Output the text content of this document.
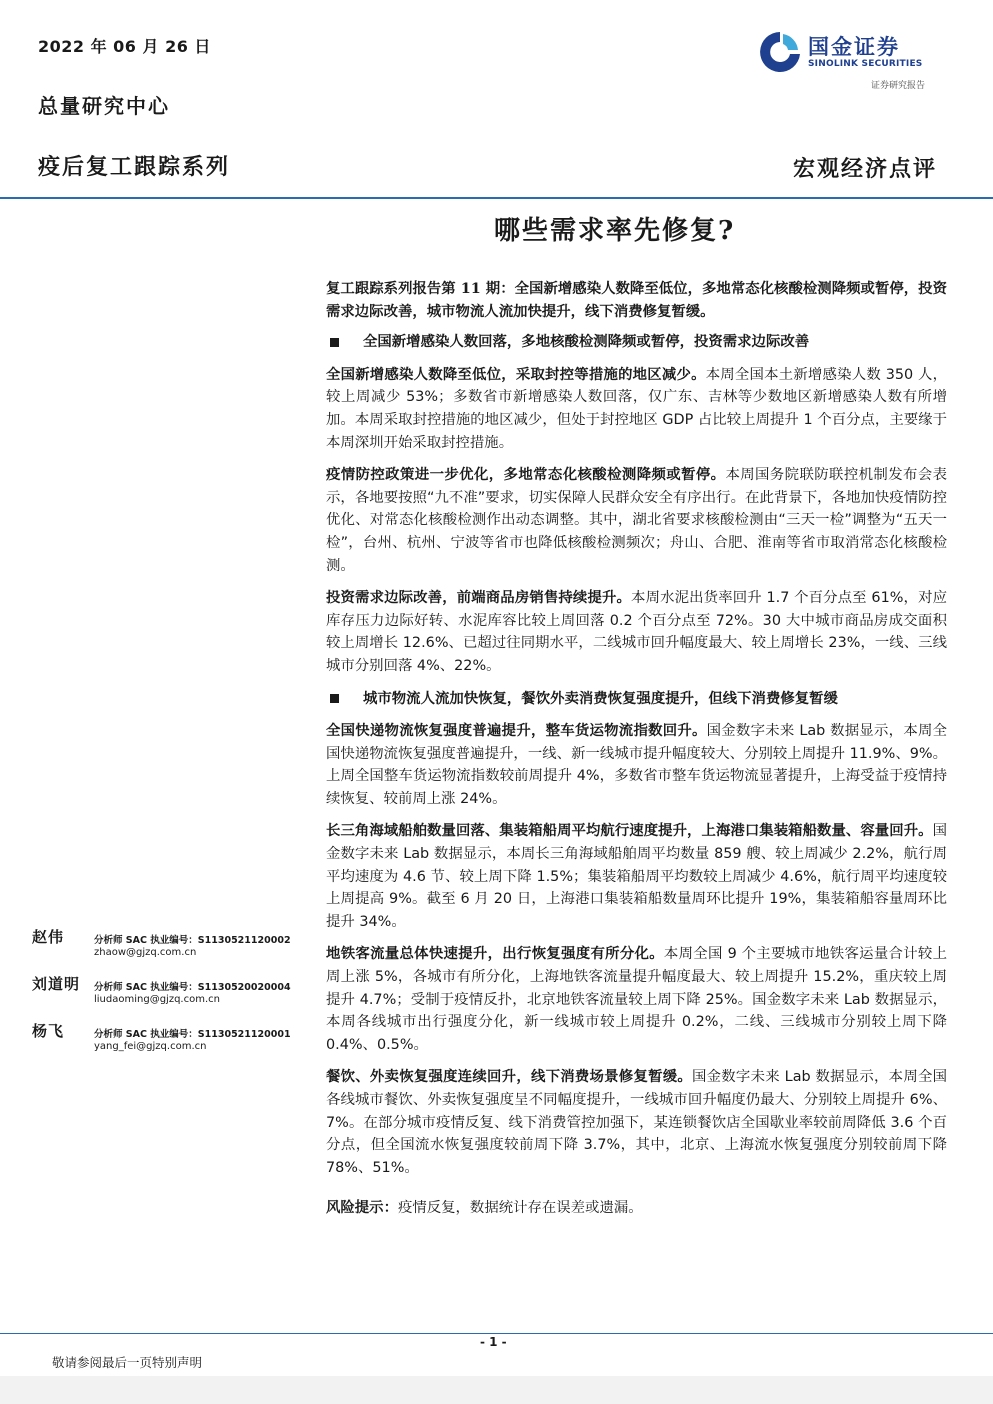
2022 年 06 月 26 日
总量研究中心
疫后复工跟踪系列	宏观经济点评
国金证券
SINOLINK SECURITIES
证券研究报告
哪些需求率先修复?

复工跟踪系列报告第 11 期：全国新增感染人数降至低位，多地常态化核酸检测降频或暂停，投资需求边际改善，城市物流人流加快提升，线下消费修复暂缓。

全国新增感染人数回落，多地核酸检测降频或暂停，投资需求边际改善

全国新增感染人数降至低位，采取封控等措施的地区减少。本周全国本土新增感染人数 350 人，较上周减少 53%；多数省市新增感染人数回落，仅广东、吉林等少数地区新增感染人数有所增加。本周采取封控措施的地区减少，但处于封控地区 GDP 占比较上周提升 1 个百分点，主要缘于本周深圳开始采取封控措施。

疫情防控政策进一步优化，多地常态化核酸检测降频或暂停。本周国务院联防联控机制发布会表示，各地要按照“九不准”要求，切实保障人民群众安全有序出行。在此背景下，各地加快疫情防控优化、对常态化核酸检测作出动态调整。其中，湖北省要求核酸检测由“三天一检”调整为“五天一检”，台州、杭州、宁波等省市也降低核酸检测频次；舟山、合肥、淮南等省市取消常态化核酸检测。

投资需求边际改善，前端商品房销售持续提升。本周水泥出货率回升 1.7 个百分点至 61%，对应库存压力边际好转、水泥库容比较上周回落 0.2 个百分点至 72%。30 大中城市商品房成交面积较上周增长 12.6%、已超过往同期水平，二线城市回升幅度最大、较上周增长 23%，一线、三线城市分别回落 4%、22%。

城市物流人流加快恢复，餐饮外卖消费恢复强度提升，但线下消费修复暂缓

全国快递物流恢复强度普遍提升，整车货运物流指数回升。国金数字未来 Lab 数据显示，本周全国快递物流恢复强度普遍提升，一线、新一线城市提升幅度较大、分别较上周提升 11.9%、9%。上周全国整车货运物流指数较前周提升 4%，多数省市整车货运物流显著提升，上海受益于疫情持续恢复、较前周上涨 24%。

长三角海域船舶数量回落、集装箱船周平均航行速度提升，上海港口集装箱船数量、容量回升。国金数字未来 Lab 数据显示，本周长三角海域船舶周平均数量 859 艘、较上周减少 2.2%，航行周平均速度为 4.6 节、较上周下降 1.5%；集装箱船周平均数较上周减少 4.6%，航行周平均速度较上周提高 9%。截至 6 月 20 日，上海港口集装箱船数量周环比提升 19%，集装箱船容量周环比提升 34%。

地铁客流量总体快速提升，出行恢复强度有所分化。本周全国 9 个主要城市地铁客运量合计较上周上涨 5%，各城市有所分化，上海地铁客流量提升幅度最大、较上周提升 15.2%，重庆较上周提升 4.7%；受制于疫情反扑，北京地铁客流量较上周下降 25%。国金数字未来 Lab 数据显示，本周各线城市出行强度分化，新一线城市较上周提升 0.2%，二线、三线城市分别较上周下降 0.4%、0.5%。

餐饮、外卖恢复强度连续回升，线下消费场景修复暂缓。国金数字未来 Lab 数据显示，本周全国各线城市餐饮、外卖恢复强度呈不同幅度提升，一线城市回升幅度仍最大、分别较上周提升 6%、7%。在部分城市疫情反复、线下消费管控加强下，某连锁餐饮店全国歇业率较前周降低 3.6 个百分点，但全国流水恢复强度较前周下降 3.7%，其中，北京、上海流水恢复强度分别较前周下降 78%、51%。

风险提示：疫情反复，数据统计存在误差或遗漏。

赵伟	分析师 SAC 执业编号：S1130521120002
zhaow@gjzq.com.cn
刘道明 分析师 SAC 执业编号：S1130520020004
liudaoming@gjzq.com.cn
杨飞	分析师 SAC 执业编号：S1130521120001
yang_fei@gjzq.com.cn
- 1 -
敬请参阅最后一页特别声明
